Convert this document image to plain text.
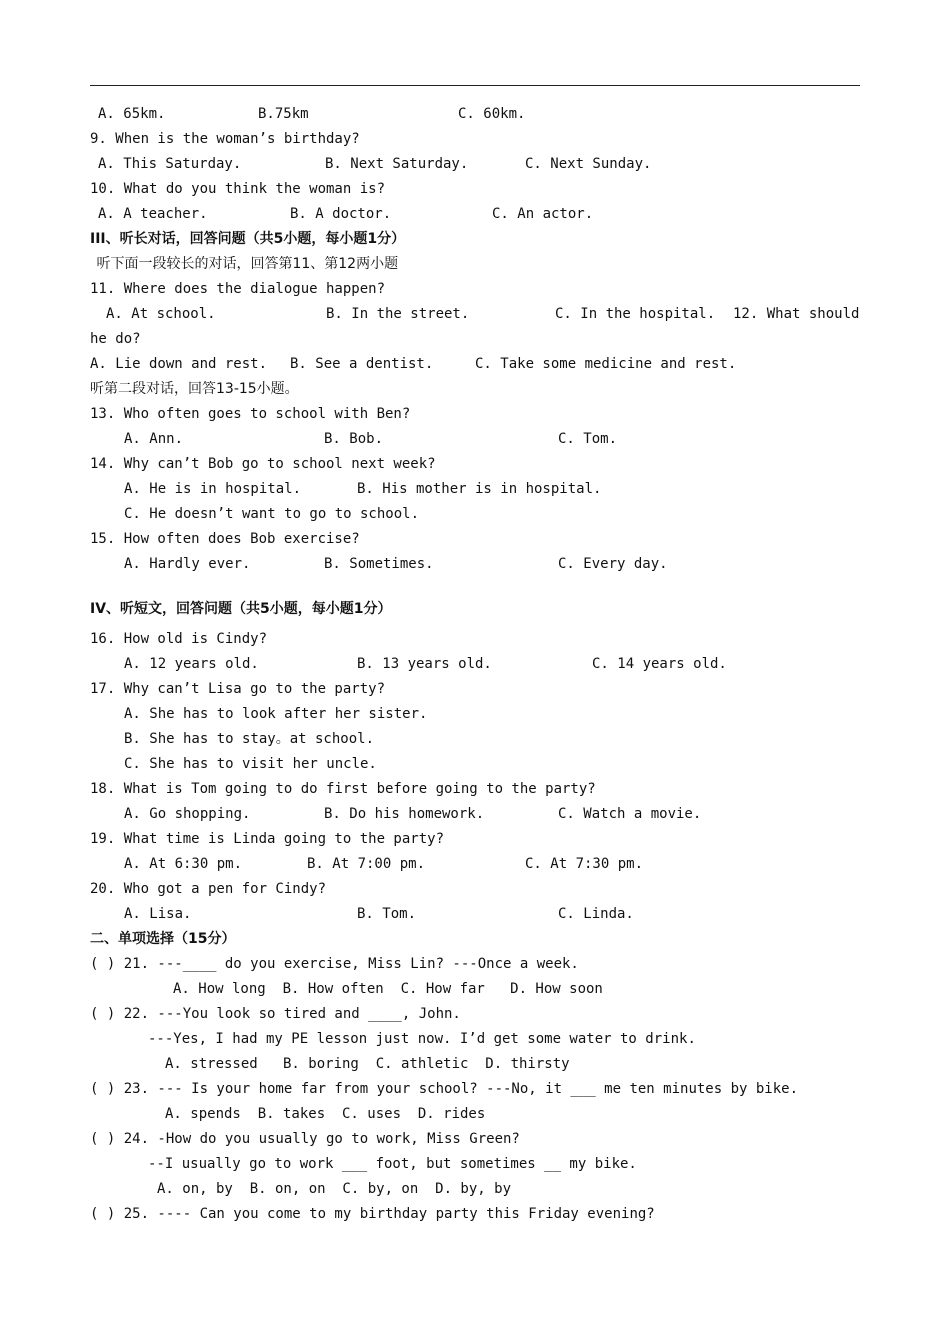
A. 65km.	B.75km	C. 60km.
9. When is the woman’s birthday?
A. This Saturday.	B. Next Saturday.	C. Next Sunday.
10. What do you think the woman is?
A. A teacher.	B. A doctor.	C. An actor.
III、听长对话，回答问题（共5小题，每小题1分）
听下面一段较长的对话，回答第11、第12两小题
11. Where does the dialogue happen?
A. At school.	B. In the street.	C. In the hospital. 12. What should
he do?
A. Lie down and rest. B. See a dentist.	C. Take some medicine and rest.
听第二段对话，回答13-15小题。
13. Who often goes to school with Ben?
A. Ann.	B. Bob.	C. Tom.
14. Why can’t Bob go to school next week?
A. He is in hospital.	B. His mother is in hospital.
C. He doesn’t want to go to school.
15. How often does Bob exercise?
A. Hardly ever.	B. Sometimes.	C. Every day.
IV、听短文，回答问题（共5小题，每小题1分）
16. How old is Cindy?
A. 12 years old.	B. 13 years old.	C. 14 years old.
17. Why can’t Lisa go to the party?
A. She has to look after her sister.
B. She has to stay。at school.
C. She has to visit her uncle.
18. What is Tom going to do first before going to the party?
A. Go shopping.	B. Do his homework.	C. Watch a movie.
19. What time is Linda going to the party?
A. At 6:30 pm.	B. At 7:00 pm.	C. At 7:30 pm.
20. Who got a pen for Cindy?
A. Lisa.	B. Tom.	C. Linda.
二、单项选择（15分）
( ) 21. ---____ do you exercise, Miss Lin? ---Once a week.
A. How long  B. How often  C. How far   D. How soon
( ) 22. ---You look so tired and ____, John.
---Yes, I had my PE lesson just now. I’d get some water to drink.
A. stressed   B. boring  C. athletic  D. thirsty
( ) 23. --- Is your home far from your school? ---No, it ___ me ten minutes by bike.
A. spends  B. takes  C. uses  D. rides
( ) 24. -How do you usually go to work, Miss Green?
--I usually go to work ___ foot, but sometimes __ my bike.
A. on, by  B. on, on  C. by, on  D. by, by
( ) 25. ---- Can you come to my birthday party this Friday evening?
